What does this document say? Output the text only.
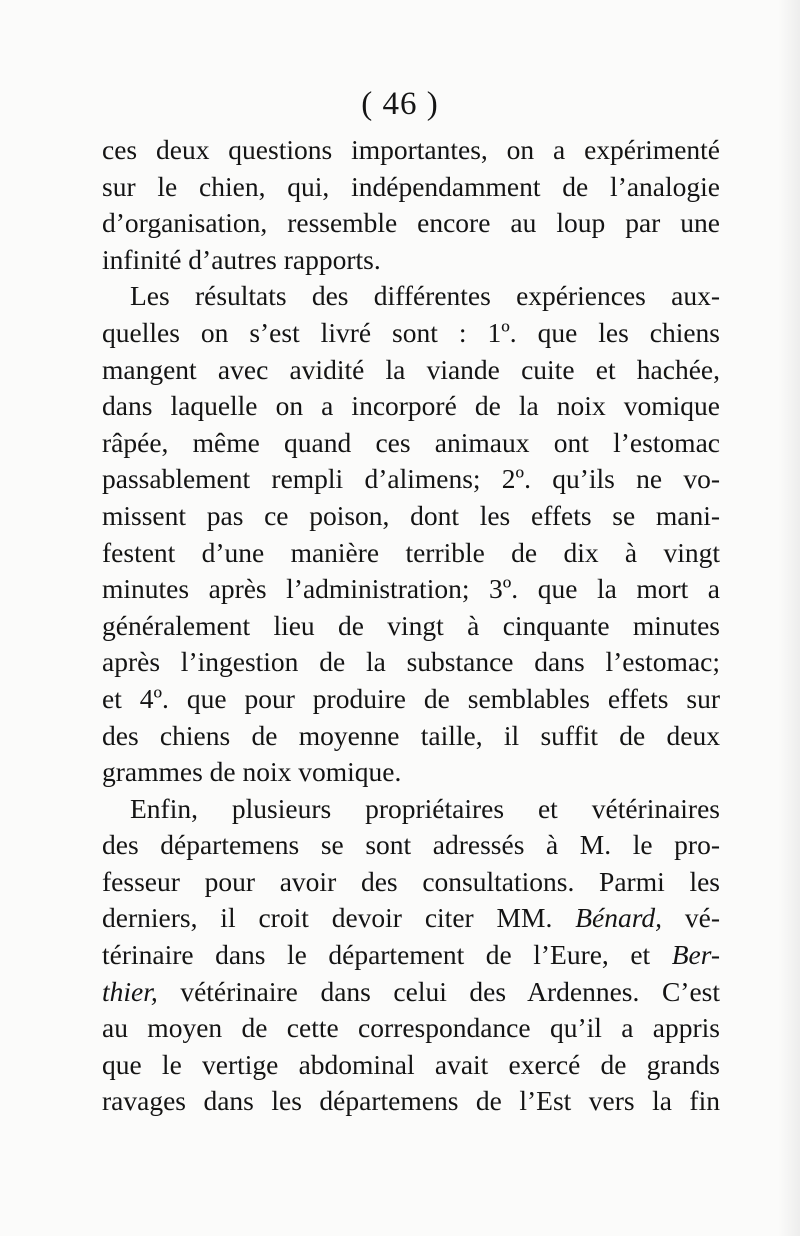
( 46 )
ces deux questions importantes, on a expérimenté
sur le chien, qui, indépendamment de l’analogie
d’organisation, ressemble encore au loup par une
infinité d’autres rapports.
Les résultats des différentes expériences aux-
quelles on s’est livré sont : 1º. que les chiens
mangent avec avidité la viande cuite et hachée,
dans laquelle on a incorporé de la noix vomique
râpée, même quand ces animaux ont l’estomac
passablement rempli d’alimens; 2º. qu’ils ne vo-
missent pas ce poison, dont les effets se mani-
festent d’une manière terrible de dix à vingt
minutes après l’administration; 3º. que la mort a
généralement lieu de vingt à cinquante minutes
après l’ingestion de la substance dans l’estomac;
et 4º. que pour produire de semblables effets sur
des chiens de moyenne taille, il suffit de deux
grammes de noix vomique.
Enfin, plusieurs propriétaires et vétérinaires
des départemens se sont adressés à M. le pro-
fesseur pour avoir des consultations. Parmi les
derniers, il croit devoir citer MM. Bénard, vé-
térinaire dans le département de l’Eure, et Ber-
thier, vétérinaire dans celui des Ardennes. C’est
au moyen de cette correspondance qu’il a appris
que le vertige abdominal avait exercé de grands
ravages dans les départemens de l’Est vers la fin
